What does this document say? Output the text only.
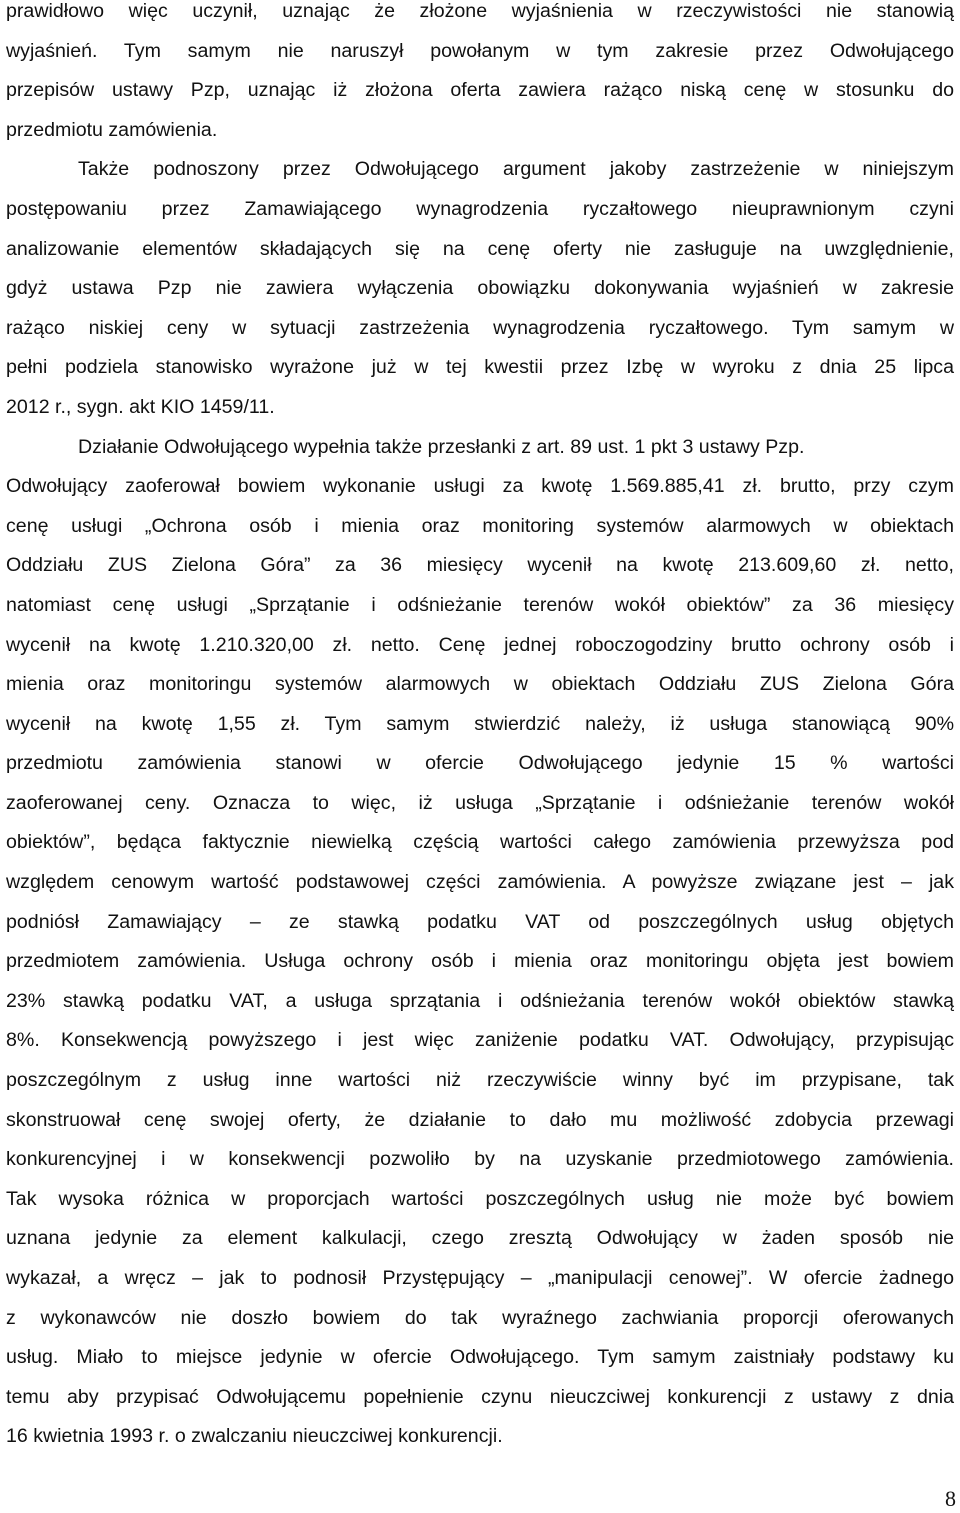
prawidłowo więc uczynił, uznając że złożone wyjaśnienia w rzeczywistości nie stanowią
wyjaśnień. Tym samym nie naruszył powołanym w tym zakresie przez Odwołującego
przepisów ustawy Pzp, uznając iż złożona oferta zawiera rażąco niską cenę w stosunku do
przedmiotu zamówienia.
Także podnoszony przez Odwołującego argument jakoby zastrzeżenie w niniejszym
postępowaniu przez Zamawiającego wynagrodzenia ryczałtowego nieuprawnionym czyni
analizowanie elementów składających się na cenę oferty nie zasługuje na uwzględnienie,
gdyż ustawa Pzp nie zawiera wyłączenia obowiązku dokonywania wyjaśnień w zakresie
rażąco niskiej ceny w sytuacji zastrzeżenia wynagrodzenia ryczałtowego. Tym samym w
pełni podziela stanowisko wyrażone już w tej kwestii przez Izbę w wyroku z dnia 25 lipca
2012 r., sygn. akt KIO 1459/11.
Działanie Odwołującego wypełnia także przesłanki z art. 89 ust. 1 pkt 3 ustawy Pzp.
Odwołujący zaoferował bowiem wykonanie usługi za kwotę 1.569.885,41 zł. brutto, przy czym
cenę usługi „Ochrona osób i mienia oraz monitoring systemów alarmowych w obiektach
Oddziału ZUS Zielona Góra” za 36 miesięcy wycenił na kwotę 213.609,60 zł. netto,
natomiast cenę usługi „Sprzątanie i odśnieżanie terenów wokół obiektów” za 36 miesięcy
wycenił na kwotę 1.210.320,00 zł. netto. Cenę jednej roboczogodziny brutto ochrony osób i
mienia oraz monitoringu systemów alarmowych w obiektach Oddziału ZUS Zielona Góra
wycenił na kwotę 1,55 zł. Tym samym stwierdzić należy, iż usługa stanowiącą 90%
przedmiotu zamówienia stanowi w ofercie Odwołującego jedynie 15 % wartości
zaoferowanej ceny. Oznacza to więc, iż usługa „Sprzątanie i odśnieżanie terenów wokół
obiektów”, będąca faktycznie niewielką częścią wartości całego zamówienia przewyższa pod
względem cenowym wartość podstawowej części zamówienia. A powyższe związane jest – jak
podniósł Zamawiający – ze stawką podatku VAT od poszczególnych usług objętych
przedmiotem zamówienia. Usługa ochrony osób i mienia oraz monitoringu objęta jest bowiem
23% stawką podatku VAT, a usługa sprzątania i odśnieżania terenów wokół obiektów stawką
8%. Konsekwencją powyższego i jest więc zaniżenie podatku VAT. Odwołujący, przypisując
poszczególnym z usług inne wartości niż rzeczywiście winny być im przypisane, tak
skonstruował cenę swojej oferty, że działanie to dało mu możliwość zdobycia przewagi
konkurencyjnej i w konsekwencji pozwoliło by na uzyskanie przedmiotowego zamówienia.
Tak wysoka różnica w proporcjach wartości poszczególnych usług nie może być bowiem
uznana jedynie za element kalkulacji, czego zresztą Odwołujący w żaden sposób nie
wykazał, a wręcz – jak to podnosił Przystępujący – „manipulacji cenowej”. W ofercie żadnego
z wykonawców nie doszło bowiem do tak wyraźnego zachwiania proporcji oferowanych
usług. Miało to miejsce jedynie w ofercie Odwołującego. Tym samym zaistniały podstawy ku
temu aby przypisać Odwołującemu popełnienie czynu nieuczciwej konkurencji z ustawy z dnia
16 kwietnia 1993 r. o zwalczaniu nieuczciwej konkurencji.
8
